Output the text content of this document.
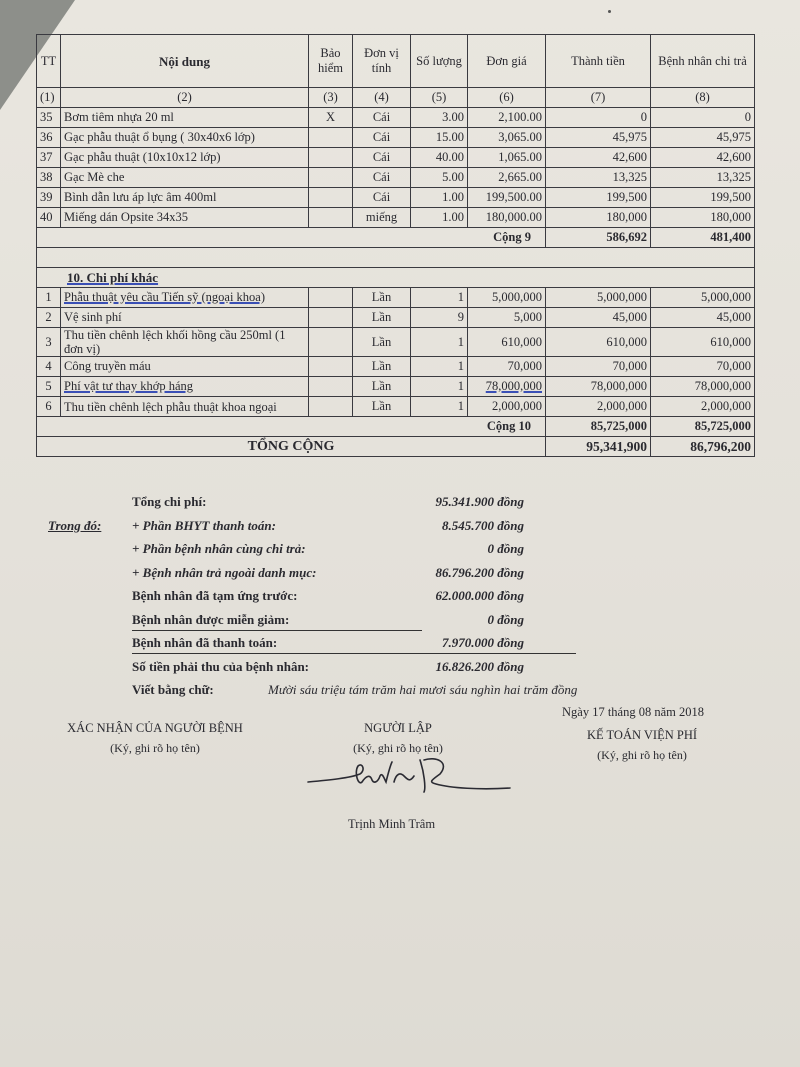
TT	Nội dung	Bảo hiểm	Đơn vị tính	Số lượng	Đơn giá	Thành tiền	Bệnh nhân chi trả
(1)	(2)	(3)	(4)	(5)	(6)	(7)	(8)
35	Bơm tiêm nhựa 20 ml	X	Cái	3.00	2,100.00	0	0
36	Gạc phẫu thuật ổ bụng ( 30x40x6 lớp)		Cái	15.00	3,065.00	45,975	45,975
37	Gạc phẫu thuật (10x10x12 lớp)		Cái	40.00	1,065.00	42,600	42,600
38	Gạc Mè che		Cái	5.00	2,665.00	13,325	13,325
39	Bình dẫn lưu áp lực âm 400ml		Cái	1.00	199,500.00	199,500	199,500
40	Miếng dán Opsite 34x35		miếng	1.00	180,000.00	180,000	180,000
Cộng 9						586,692	481,400

10. Chi phí khác							
1	Phẫu thuật yêu cầu Tiến sỹ (ngoại khoa)		Lần	1	5,000,000	5,000,000	5,000,000
2	Vệ sinh phí		Lần	9	5,000	45,000	45,000
3	Thu tiền chênh lệch khối hồng cầu 250ml (1 đơn vị)		Lần	1	610,000	610,000	610,000
4	Công truyền máu		Lần	1	70,000	70,000	70,000
5	Phí vật tư thay khớp háng		Lần	1	78,000,000	78,000,000	78,000,000
6	Thu tiền chênh lệch phẫu thuật khoa ngoại		Lần	1	2,000,000	2,000,000	2,000,000
Cộng 10						85,725,000	85,725,000
TỔNG CỘNG						95,341,900	86,796,200
Tổng chi phí:	95.341.900 đồng
Trong đó: + Phần BHYT thanh toán:	8.545.700 đồng
+ Phần bệnh nhân cùng chi trả:	0 đồng
+ Bệnh nhân trả ngoài danh mục:	86.796.200 đồng
Bệnh nhân đã tạm ứng trước:	62.000.000 đồng
Bệnh nhân được miễn giảm:	0 đồng
Bệnh nhân đã thanh toán:	7.970.000 đồng
Số tiền phải thu của bệnh nhân:	16.826.200 đồng
Viết bằng chữ:	Mười sáu triệu tám trăm hai mươi sáu nghìn hai trăm đồng
Ngày 17 tháng 08 năm 2018
XÁC NHẬN CỦA NGƯỜI BỆNH
(Ký, ghi rõ họ tên)
NGƯỜI LẬP
(Ký, ghi rõ họ tên)
KẾ TOÁN VIỆN PHÍ
(Ký, ghi rõ họ tên)
Trịnh Minh Trâm
